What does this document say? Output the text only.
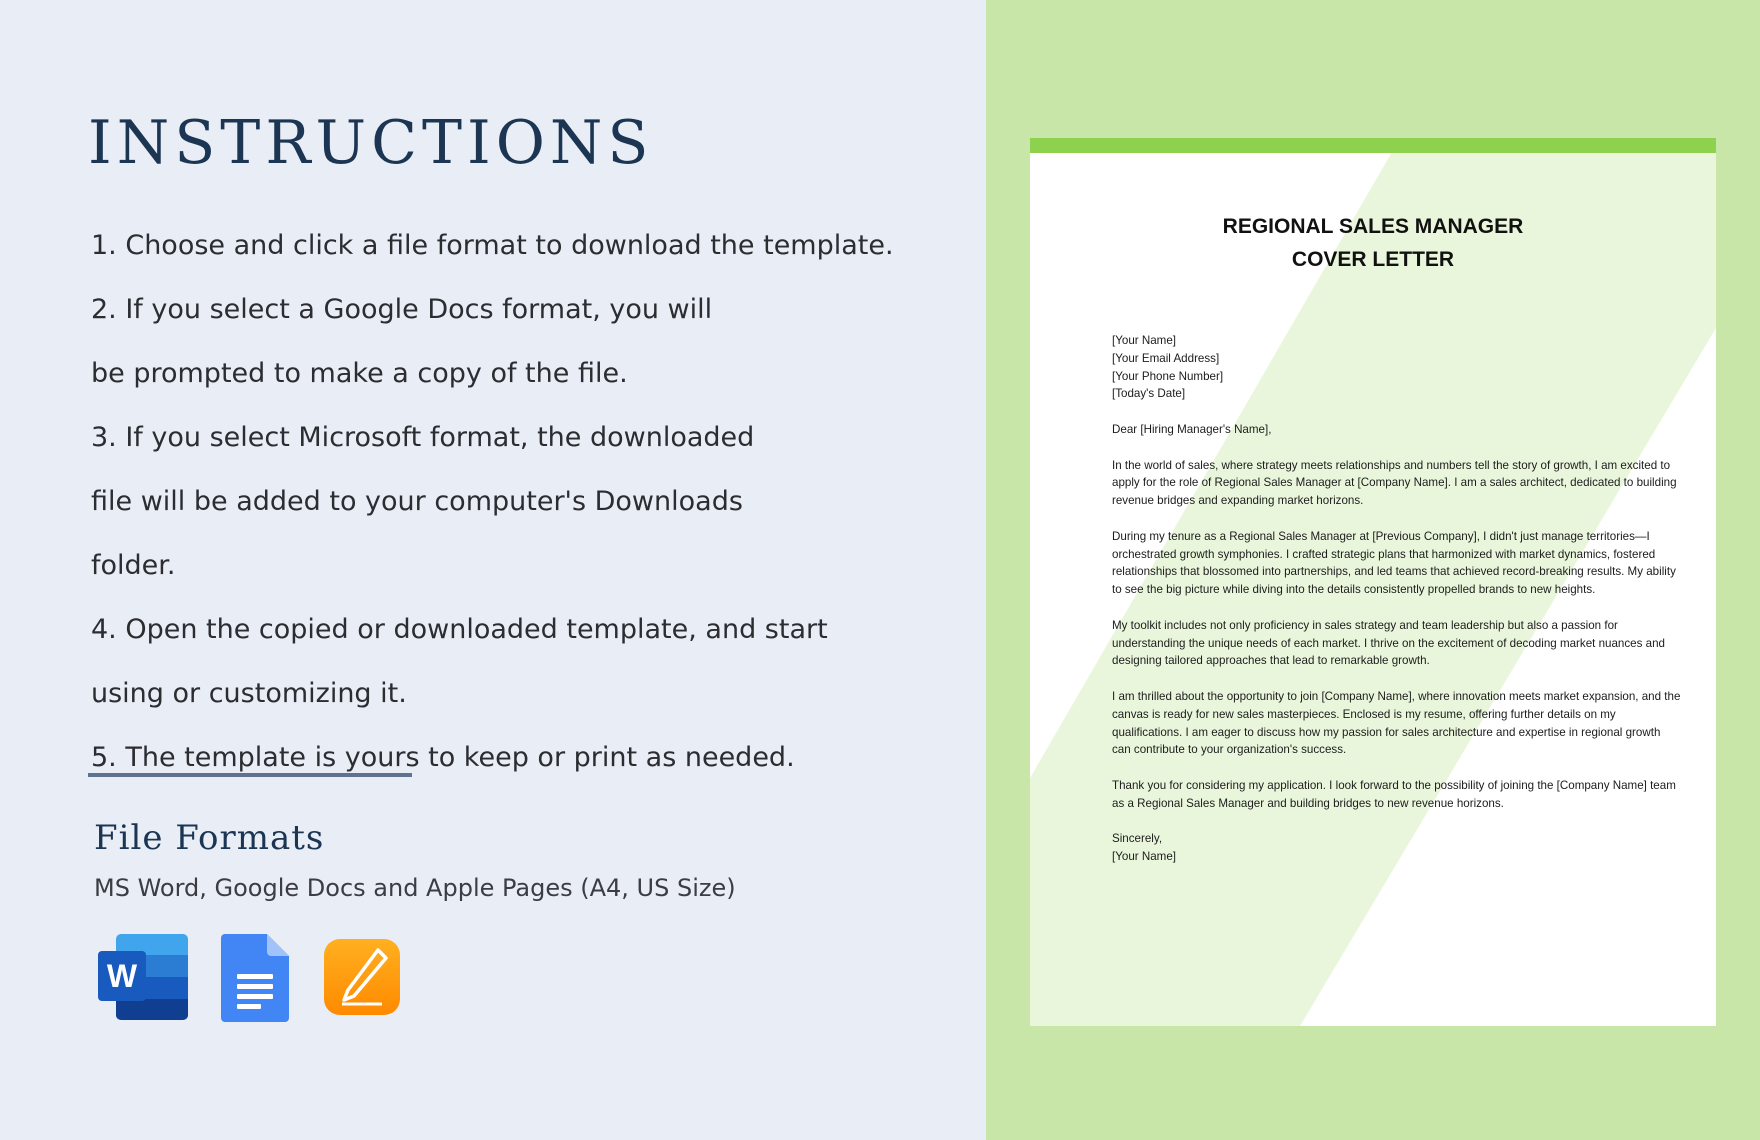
INSTRUCTIONS

1. Choose and click a file format to download the template.

2. If you select a Google Docs format, you will be prompted to make a copy of the file.

3. If you select Microsoft format, the downloaded file will be added to your computer's Downloads folder.

4. Open the copied or downloaded template, and start using or customizing it.

5. The template is yours to keep or print as needed.

File Formats

MS Word, Google Docs and Apple Pages (A4, US Size)

W

REGIONAL SALES MANAGER
COVER LETTER

[Your Name]
[Your Email Address]
[Your Phone Number]
[Today's Date]

Dear [Hiring Manager's Name],

In the world of sales, where strategy meets relationships and numbers tell the story of growth, I am excited to apply for the role of Regional Sales Manager at [Company Name]. I am a sales architect, dedicated to building revenue bridges and expanding market horizons.

During my tenure as a Regional Sales Manager at [Previous Company], I didn't just manage territories—I orchestrated growth symphonies. I crafted strategic plans that harmonized with market dynamics, fostered relationships that blossomed into partnerships, and led teams that achieved record-breaking results. My ability to see the big picture while diving into the details consistently propelled brands to new heights.

My toolkit includes not only proficiency in sales strategy and team leadership but also a passion for understanding the unique needs of each market. I thrive on the excitement of decoding market nuances and designing tailored approaches that lead to remarkable growth.

I am thrilled about the opportunity to join [Company Name], where innovation meets market expansion, and the canvas is ready for new sales masterpieces. Enclosed is my resume, offering further details on my qualifications. I am eager to discuss how my passion for sales architecture and expertise in regional growth can contribute to your organization's success.

Thank you for considering my application. I look forward to the possibility of joining the [Company Name] team as a Regional Sales Manager and building bridges to new revenue horizons.

Sincerely,
[Your Name]
